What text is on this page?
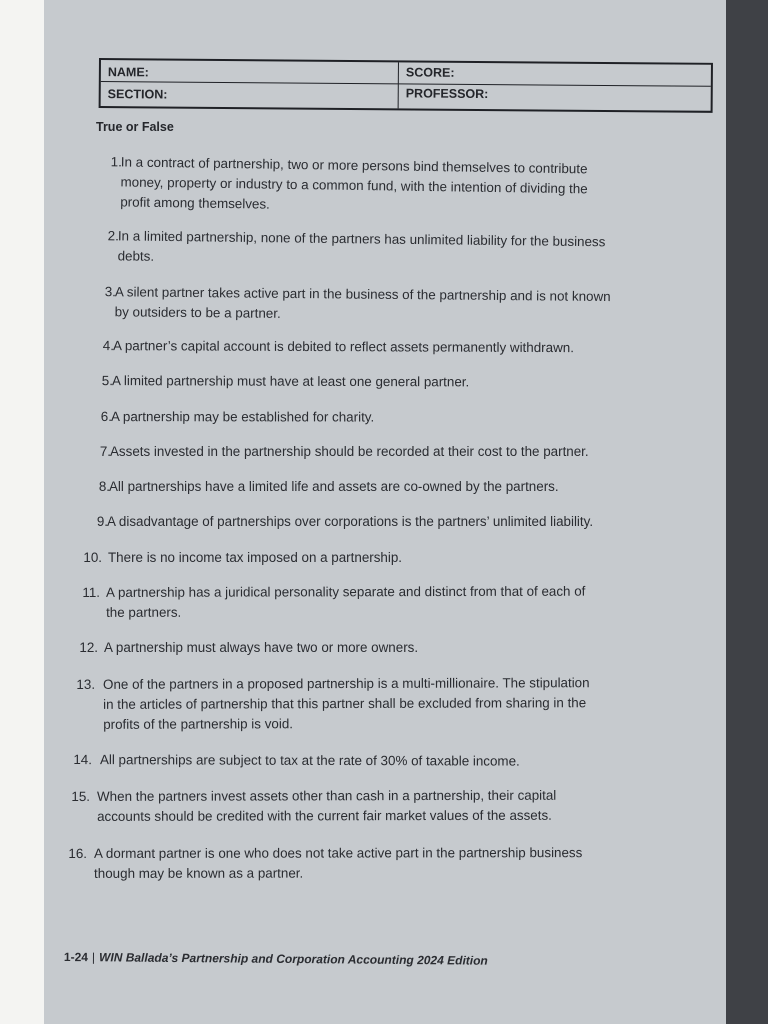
NAME:	SCORE:
SECTION:	PROFESSOR:
True or False
1.
In a contract of partnership, two or more persons bind themselves to contribute
money, property or industry to a common fund, with the intention of dividing the
profit among themselves.
2.
In a limited partnership, none of the partners has unlimited liability for the business
debts.
3.
A silent partner takes active part in the business of the partnership and is not known
by outsiders to be a partner.
4.
A partner’s capital account is debited to reflect assets permanently withdrawn.
5.
A limited partnership must have at least one general partner.
6.
A partnership may be established for charity.
7. Assets invested in the partnership should be recorded at their cost to the partner.
8. All partnerships have a limited life and assets are co-owned by the partners.
9. A disadvantage of partnerships over corporations is the partners’ unlimited liability.
10. There is no income tax imposed on a partnership.
11. A partnership has a juridical personality separate and distinct from that of each of
the partners.
12. A partnership must always have two or more owners.
13. One of the partners in a proposed partnership is a multi-millionaire. The stipulation
in the articles of partnership that this partner shall be excluded from sharing in the
profits of the partnership is void.
14. All partnerships are subject to tax at the rate of 30% of taxable income.
15. When the partners invest assets other than cash in a partnership, their capital
accounts should be credited with the current fair market values of the assets.
16. A dormant partner is one who does not take active part in the partnership business
though may be known as a partner.
1-24 | WIN Ballada’s Partnership and Corporation Accounting 2024 Edition
